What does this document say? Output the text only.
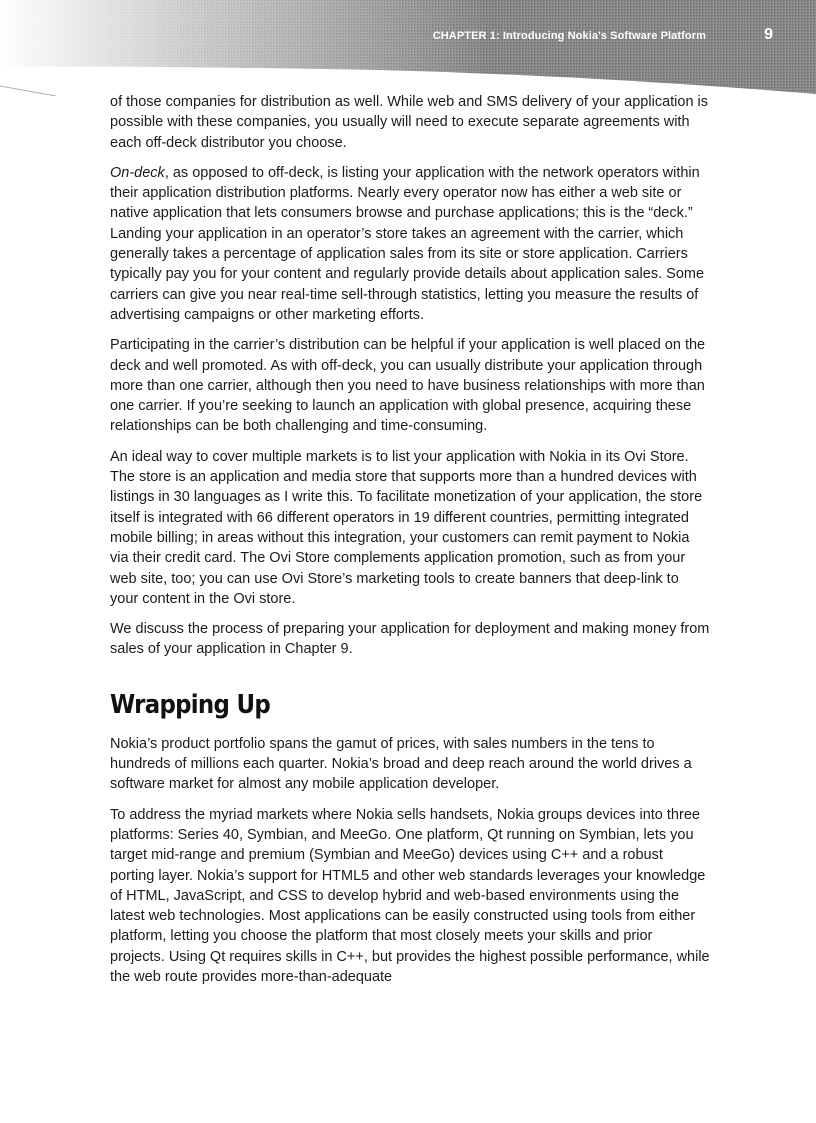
CHAPTER 1: Introducing Nokia's Software Platform	9

of those companies for distribution as well. While web and SMS delivery of your application is possible with these companies, you usually will need to execute separate agreements with each off-deck distributor you choose.

On-deck, as opposed to off-deck, is listing your application with the network operators within their application distribution platforms. Nearly every operator now has either a web site or native application that lets consumers browse and purchase applications; this is the “deck.” Landing your application in an operator’s store takes an agreement with the carrier, which generally takes a percentage of application sales from its site or store application. Carriers typically pay you for your content and regularly provide details about application sales. Some carriers can give you near real-time sell-through statistics, letting you measure the results of advertising campaigns or other marketing efforts.

Participating in the carrier’s distribution can be helpful if your application is well placed on the deck and well promoted. As with off-deck, you can usually distribute your application through more than one carrier, although then you need to have business relationships with more than one carrier. If you’re seeking to launch an application with global presence, acquiring these relationships can be both challenging and time-consuming.

An ideal way to cover multiple markets is to list your application with Nokia in its Ovi Store. The store is an application and media store that supports more than a hundred devices with listings in 30 languages as I write this. To facilitate monetization of your application, the store itself is integrated with 66 different operators in 19 different countries, permitting integrated mobile billing; in areas without this integration, your customers can remit payment to Nokia via their credit card. The Ovi Store complements application promotion, such as from your web site, too; you can use Ovi Store’s marketing tools to create banners that deep-link to your content in the Ovi store.

We discuss the process of preparing your application for deployment and making money from sales of your application in Chapter 9.

Wrapping Up

Nokia’s product portfolio spans the gamut of prices, with sales numbers in the tens to hundreds of millions each quarter. Nokia’s broad and deep reach around the world drives a software market for almost any mobile application developer.

To address the myriad markets where Nokia sells handsets, Nokia groups devices into three platforms: Series 40, Symbian, and MeeGo. One platform, Qt running on Symbian, lets you target mid-range and premium (Symbian and MeeGo) devices using C++ and a robust porting layer. Nokia’s support for HTML5 and other web standards leverages your knowledge of HTML, JavaScript, and CSS to develop hybrid and web-based environments using the latest web technologies. Most applications can be easily constructed using tools from either platform, letting you choose the platform that most closely meets your skills and prior projects. Using Qt requires skills in C++, but provides the highest possible performance, while the web route provides more-than-adequate
